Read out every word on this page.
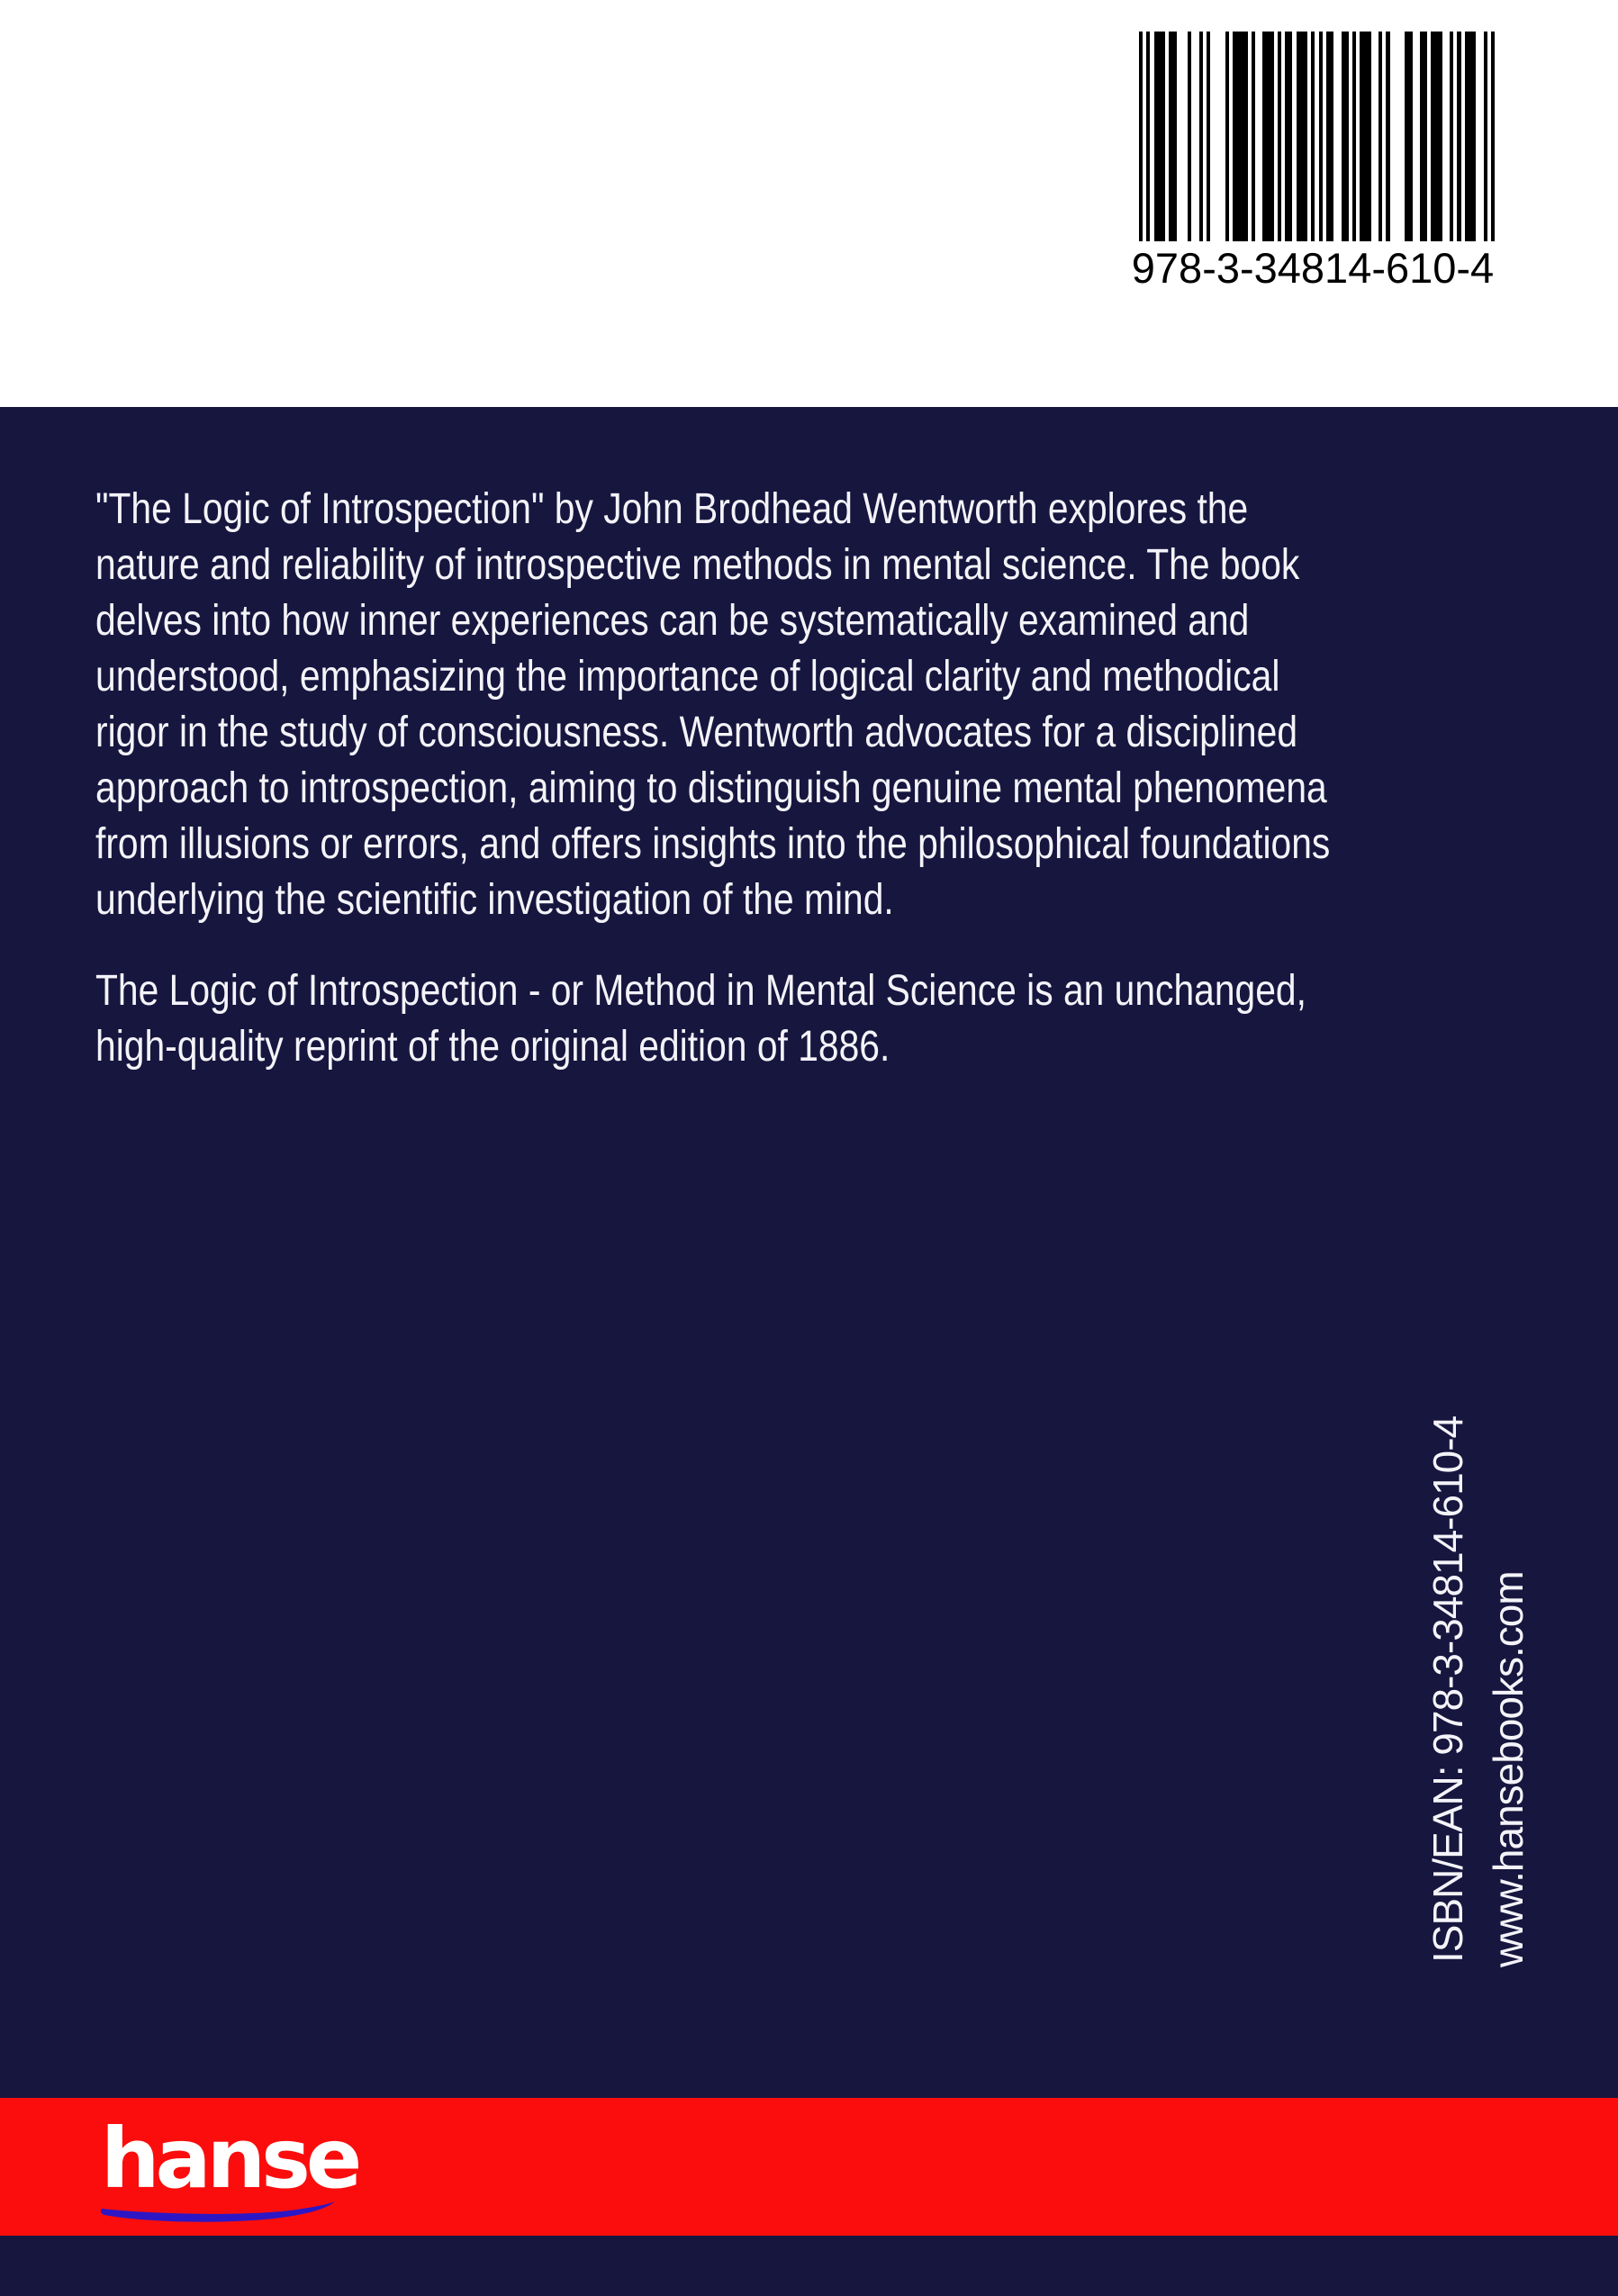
978-3-34814-610-4
"The Logic of Introspection" by John Brodhead Wentworth explores the
nature and reliability of introspective methods in mental science. The book
delves into how inner experiences can be systematically examined and
understood, emphasizing the importance of logical clarity and methodical
rigor in the study of consciousness. Wentworth advocates for a disciplined
approach to introspection, aiming to distinguish genuine mental phenomena
from illusions or errors, and offers insights into the philosophical foundations
underlying the scientific investigation of the mind.
The Logic of Introspection - or Method in Mental Science is an unchanged,
high-quality reprint of the original edition of 1886.
ISBN/EAN: 978-3-34814-610-4 www.hansebooks.com
hanse
